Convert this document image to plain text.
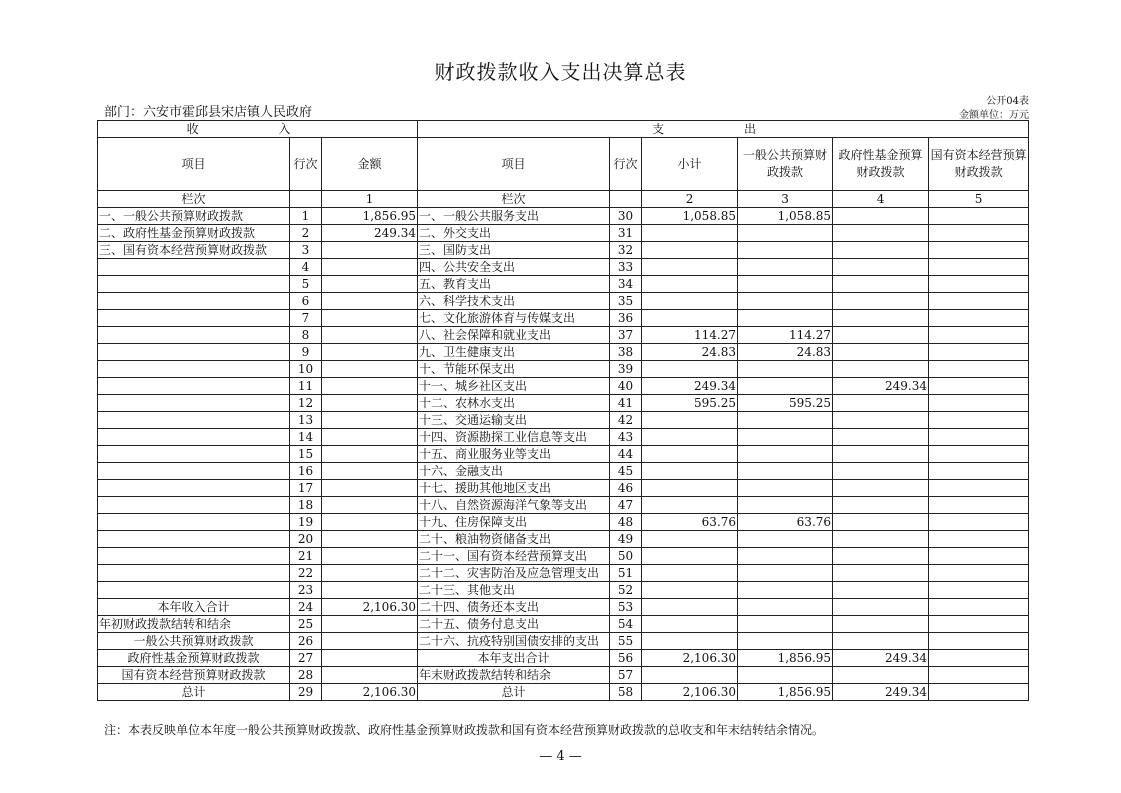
财政拨款收入支出决算总表
公开04表
金额单位：万元
部门：六安市霍邱县宋店镇人民政府
收 入			支 出					
项目	行次	金额	项目	行次	小计	一般公共预算财政拨款	政府性基金预算财政拨款	国有资本经营预算财政拨款
栏次		1	栏次		2	3	4	5
一、一般公共预算财政拨款	1	1,856.95	一、一般公共服务支出	30	1,058.85	1,058.85		
二、政府性基金预算财政拨款	2	249.34	二、外交支出	31				
三、国有资本经营预算财政拨款	3		三、国防支出	32				
	4		四、公共安全支出	33				
	5		五、教育支出	34				
	6		六、科学技术支出	35				
	7		七、文化旅游体育与传媒支出	36				
	8		八、社会保障和就业支出	37	114.27	114.27		
	9		九、卫生健康支出	38	24.83	24.83		
	10		十、节能环保支出	39				
	11		十一、城乡社区支出	40	249.34		249.34	
	12		十二、农林水支出	41	595.25	595.25		
	13		十三、交通运输支出	42				
	14		十四、资源勘探工业信息等支出	43				
	15		十五、商业服务业等支出	44				
	16		十六、金融支出	45				
	17		十七、援助其他地区支出	46				
	18		十八、自然资源海洋气象等支出	47				
	19		十九、住房保障支出	48	63.76	63.76		
	20		二十、粮油物资储备支出	49				
	21		二十一、国有资本经营预算支出	50				
	22		二十二、灾害防治及应急管理支出	51				
	23		二十三、其他支出	52				
本年收入合计	24	2,106.30	二十四、债务还本支出	53				
年初财政拨款结转和结余	25		二十五、债务付息支出	54				
一般公共预算财政拨款	26		二十六、抗疫特别国债安排的支出	55				
政府性基金预算财政拨款	27		本年支出合计	56	2,106.30	1,856.95	249.34	
国有资本经营预算财政拨款	28		年末财政拨款结转和结余	57				
总计	29	2,106.30	总计	58	2,106.30	1,856.95	249.34	
注：本表反映单位本年度一般公共预算财政拨款、政府性基金预算财政拨款和国有资本经营预算财政拨款的总收支和年末结转结余情况。
— 4 —
